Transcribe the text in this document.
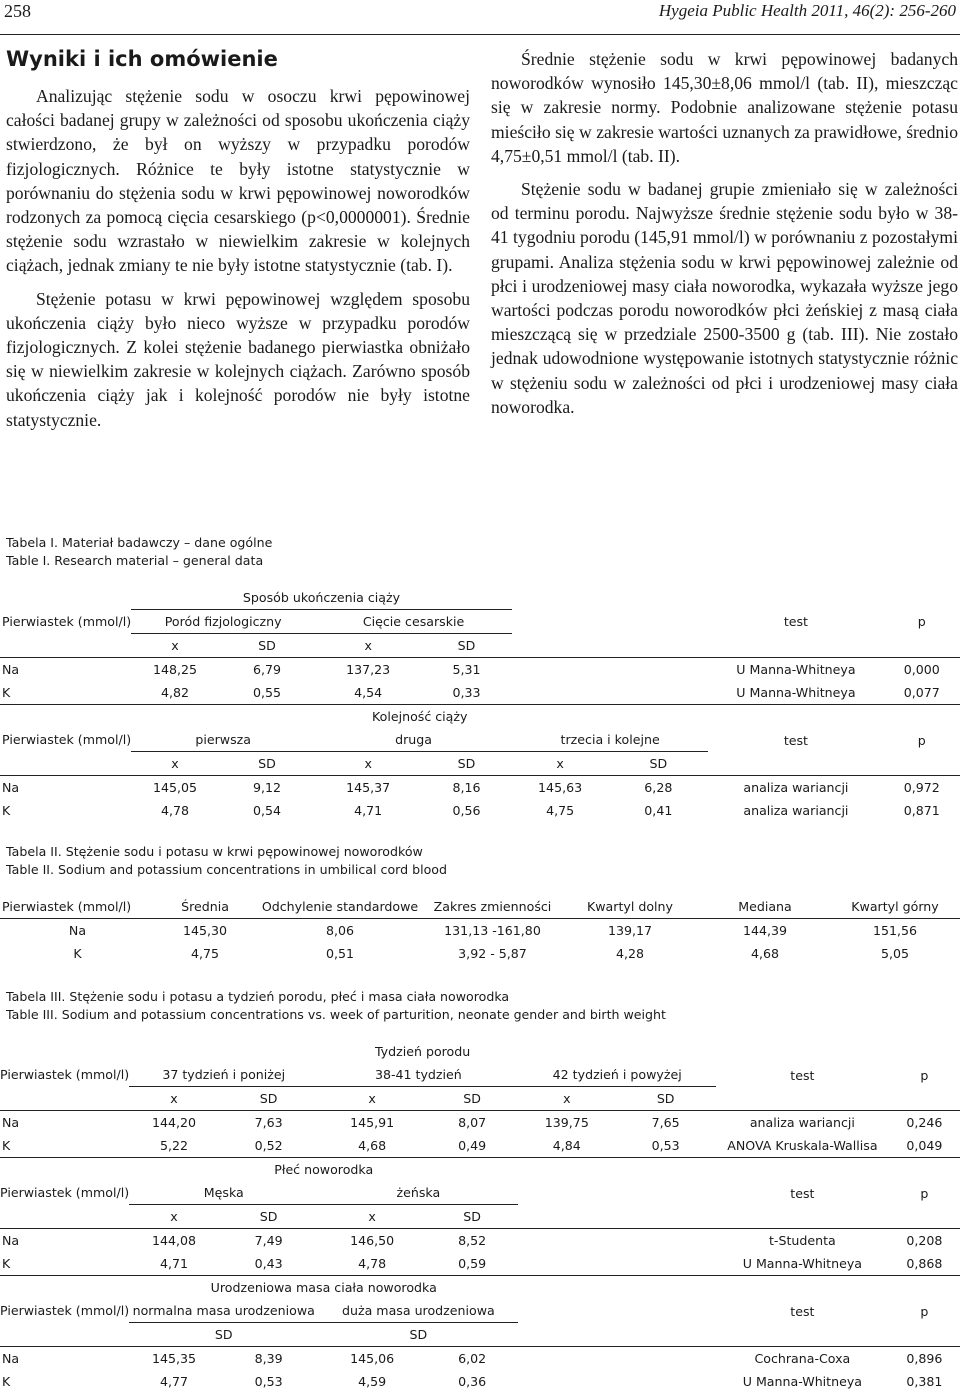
258	Hygeia Public Health 2011, 46(2): 256-260
Wyniki i ich omówienie

Analizując stężenie sodu w osoczu krwi pępowinowej całości badanej grupy w zależności od sposobu ukończenia ciąży stwierdzono, że był on wyższy w przypadku porodów fizjologicznych. Różnice te były istotne statystycznie w porównaniu do stężenia sodu w krwi pępowinowej noworodków rodzonych za pomocą cięcia cesarskiego (p<0,0000001). Średnie stężenie sodu wzrastało w niewielkim zakresie w kolejnych ciążach, jednak zmiany te nie były istotne statystycznie (tab. I).

Stężenie potasu w krwi pępowinowej względem sposobu ukończenia ciąży było nieco wyższe w przypadku porodów fizjologicznych. Z kolei stężenie badanego pierwiastka obniżało się w niewielkim zakresie w kolejnych ciążach. Zarówno sposób ukończenia ciąży jak i kolejność porodów nie były istotne statystycznie.

Średnie stężenie sodu w krwi pępowinowej badanych noworodków wynosiło 145,30±8,06 mmol/l (tab. II), mieszcząc się w zakresie normy. Podobnie analizowane stężenie potasu mieściło się w zakresie wartości uznanych za prawidłowe, średnio 4,75±0,51 mmol/l (tab. II).

Stężenie sodu w badanej grupie zmieniało się w zależności od terminu porodu. Najwyższe średnie stężenie sodu było w 38-41 tygodniu porodu (145,91 mmol/l) w porównaniu z pozostałymi grupami. Analiza stężenia sodu w krwi pępowinowej zależnie od płci i urodzeniowej masy ciała noworodka, wykazała wyższe jego wartości podczas porodu noworodków płci żeńskiej z masą ciała mieszczącą się w przedziale 2500-3500 g (tab. III). Nie zostało jednak udowodnione występowanie istotnych statystycznie różnic w stężeniu sodu w zależności od płci i urodzeniowej masy ciała noworodka.

Tabela I. Materiał badawczy – dane ogólne
Table I. Research material – general data
Pierwiastek (mmol/l)	Sposób ukończenia ciąży						test	p
	Poród fizjologiczny		Cięcie cesarskie					
	x	SD	x	SD				
Na	148,25	6,79	137,23	5,31			U Manna-Whitneya	0,000
K	4,82	0,55	4,54	0,33			U Manna-Whitneya	0,077
Pierwiastek (mmol/l)	Kolejność ciąży						test	p
	pierwsza		druga		trzecia i kolejne			
	x	SD	x	SD	x	SD		
Na	145,05	9,12	145,37	8,16	145,63	6,28	analiza wariancji	0,972
K	4,78	0,54	4,71	0,56	4,75	0,41	analiza wariancji	0,871
Tabela II. Stężenie sodu i potasu w krwi pępowinowej noworodków
Table II. Sodium and potassium concentrations in umbilical cord blood
Pierwiastek (mmol/l)	Średnia	Odchylenie standardowe	Zakres zmienności	Kwartyl dolny	Mediana	Kwartyl górny
Na	145,30	8,06	131,13 -161,80	139,17	144,39	151,56
K	4,75	0,51	3,92 - 5,87	4,28	4,68	5,05
Tabela III. Stężenie sodu i potasu a tydzień porodu, płeć i masa ciała noworodka
Table III. Sodium and potassium concentrations vs. week of parturition, neonate gender and birth weight
Pierwiastek (mmol/l)	Tydzień porodu						test	p
	37 tydzień i poniżej		38-41 tydzień		42 tydzień i powyżej			
	x	SD	x	SD	x	SD		
Na	144,20	7,63	145,91	8,07	139,75	7,65	analiza wariancji	0,246
K	5,22	0,52	4,68	0,49	4,84	0,53	ANOVA Kruskala-Wallisa	0,049
Pierwiastek (mmol/l)	Płeć noworodka						test	p
	Męska		żeńska					
	x	SD	x	SD				
Na	144,08	7,49	146,50	8,52			t-Studenta	0,208
K	4,71	0,43	4,78	0,59			U Manna-Whitneya	0,868
Pierwiastek (mmol/l)	Urodzeniowa masa ciała noworodka						test	p
	normalna masa urodzeniowa		duża masa urodzeniowa					
	SD		SD					
Na	145,35	8,39	145,06	6,02			Cochrana-Coxa	0,896
K	4,77	0,53	4,59	0,36			U Manna-Whitneya	0,381
